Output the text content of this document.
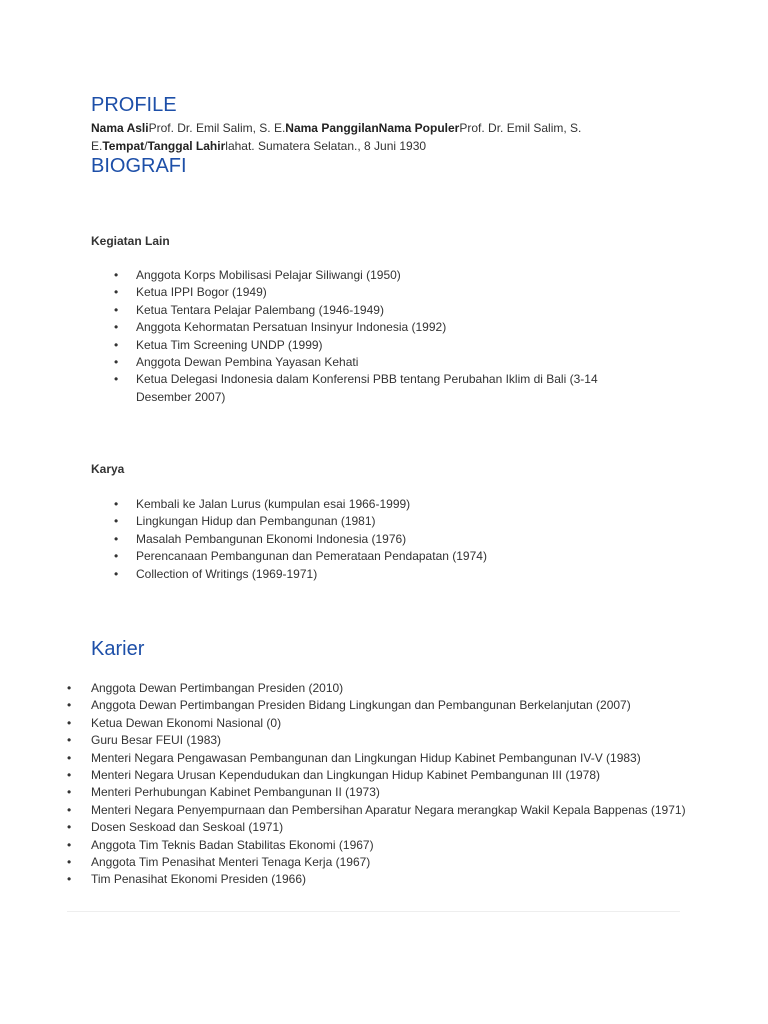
PROFILE
Nama AsliProf. Dr. Emil Salim, S. E.Nama PanggilanNama PopulerProf. Dr. Emil Salim, S. E.Tempat/Tanggal Lahirlahat. Sumatera Selatan., 8 Juni 1930
BIOGRAFI
Kegiatan Lain
• Anggota Korps Mobilisasi Pelajar Siliwangi (1950)
• Ketua IPPI Bogor (1949)
• Ketua Tentara Pelajar Palembang (1946-1949)
• Anggota Kehormatan Persatuan Insinyur Indonesia (1992)
• Ketua Tim Screening UNDP (1999)
• Anggota Dewan Pembina Yayasan Kehati
• Ketua Delegasi Indonesia dalam Konferensi PBB tentang Perubahan Iklim di Bali (3-14 Desember 2007)
Karya
• Kembali ke Jalan Lurus (kumpulan esai 1966-1999)
• Lingkungan Hidup dan Pembangunan (1981)
• Masalah Pembangunan Ekonomi Indonesia (1976)
• Perencanaan Pembangunan dan Pemerataan Pendapatan (1974)
• Collection of Writings (1969-1971)
Karier
• Anggota Dewan Pertimbangan Presiden (2010)
• Anggota Dewan Pertimbangan Presiden Bidang Lingkungan dan Pembangunan Berkelanjutan (2007)
• Ketua Dewan Ekonomi Nasional (0)
• Guru Besar FEUI (1983)
• Menteri Negara Pengawasan Pembangunan dan Lingkungan Hidup Kabinet Pembangunan IV-V (1983)
• Menteri Negara Urusan Kependudukan dan Lingkungan Hidup Kabinet Pembangunan III (1978)
• Menteri Perhubungan Kabinet Pembangunan II (1973)
• Menteri Negara Penyempurnaan dan Pembersihan Aparatur Negara merangkap Wakil Kepala Bappenas (1971)
• Dosen Seskoad dan Seskoal (1971)
• Anggota Tim Teknis Badan Stabilitas Ekonomi (1967)
• Anggota Tim Penasihat Menteri Tenaga Kerja (1967)
• Tim Penasihat Ekonomi Presiden (1966)
